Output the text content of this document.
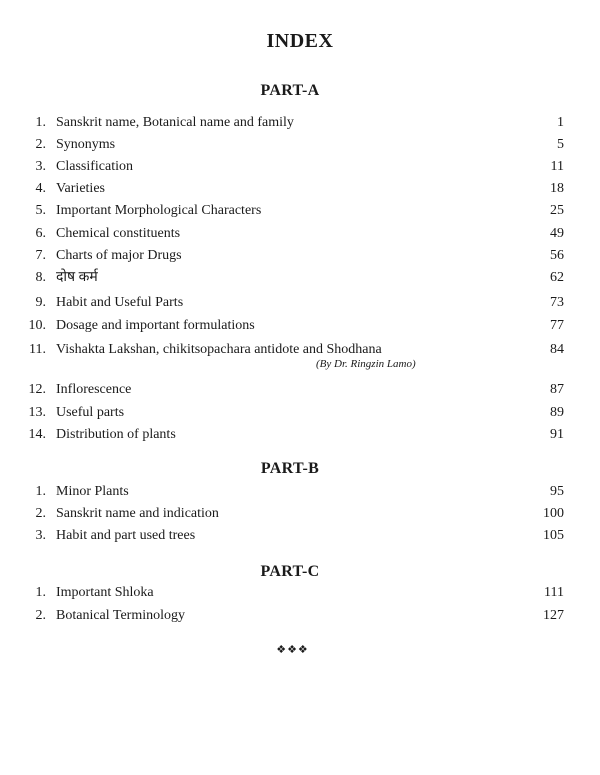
INDEX
PART-A
1. Sanskrit name, Botanical name and family	1
2. Synonyms	5
3. Classification	11
4. Varieties	18
5. Important Morphological Characters	25
6. Chemical constituents	49
7. Charts of major Drugs	56
8. दोष कर्म	62
9. Habit and Useful Parts	73
10. Dosage and important formulations	77
11. Vishakta Lakshan, chikitsopachara antidote and Shodhana	84
(By Dr. Ringzin Lamo)
12. Inflorescence	87
13. Useful parts	89
14. Distribution of plants	91
PART-B
1. Minor Plants	95
2. Sanskrit name and indication	100
3. Habit and part used trees	105
PART-C
1. Important Shloka	111
2. Botanical Terminology	127
❖❖❖
